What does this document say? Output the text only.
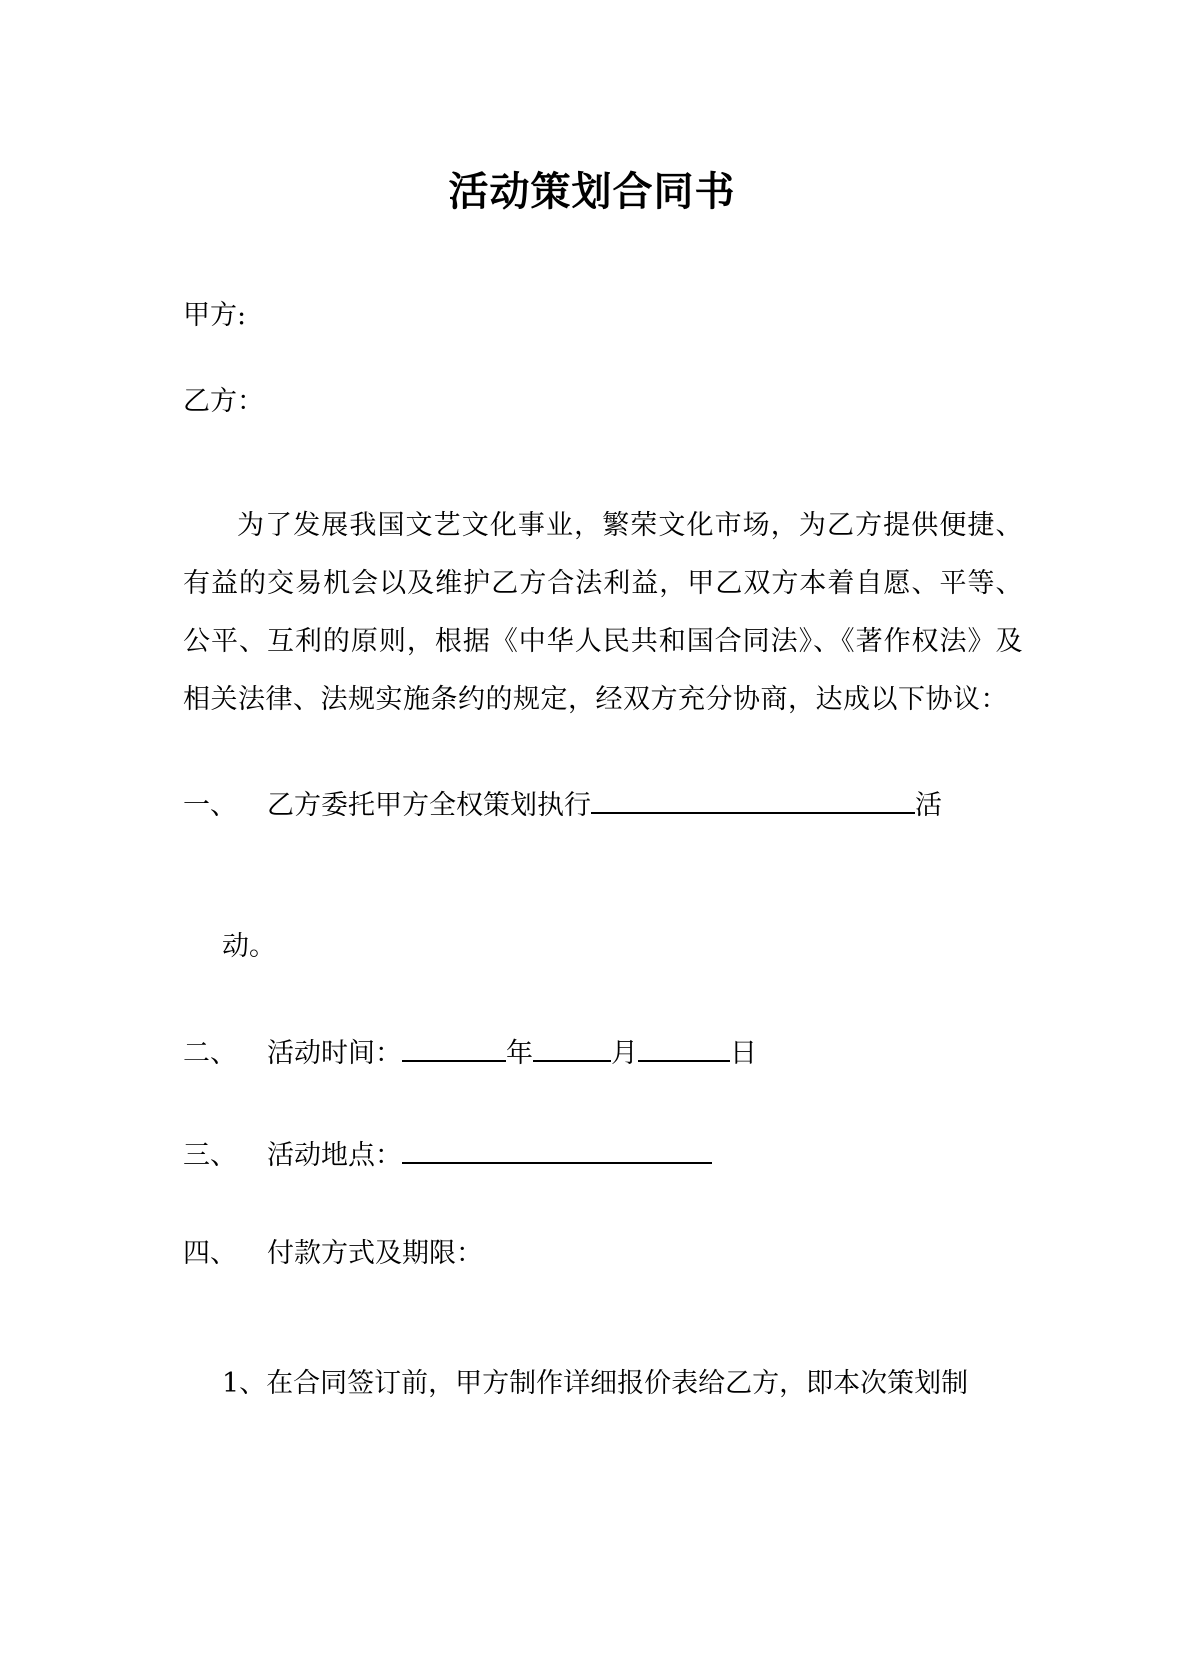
活动策划合同书
甲方:
乙方：
为了发展我国文艺文化事业，繁荣文化市场，为乙方提供便捷、有益的交易机会以及维护乙方合法利益，甲乙双方本着自愿、平等、公平、互利的原则，根据《中华人民共和国合同法》、《著作权法》及相关法律、法规实施条约的规定，经双方充分协商，达成以下协议：
一、 乙方委托甲方全权策划执行	活
动。
二、 活动时间：	年	月	日
三、 活动地点：
四、 付款方式及期限：
1、在合同签订前，甲方制作详细报价表给乙方，即本次策划制
